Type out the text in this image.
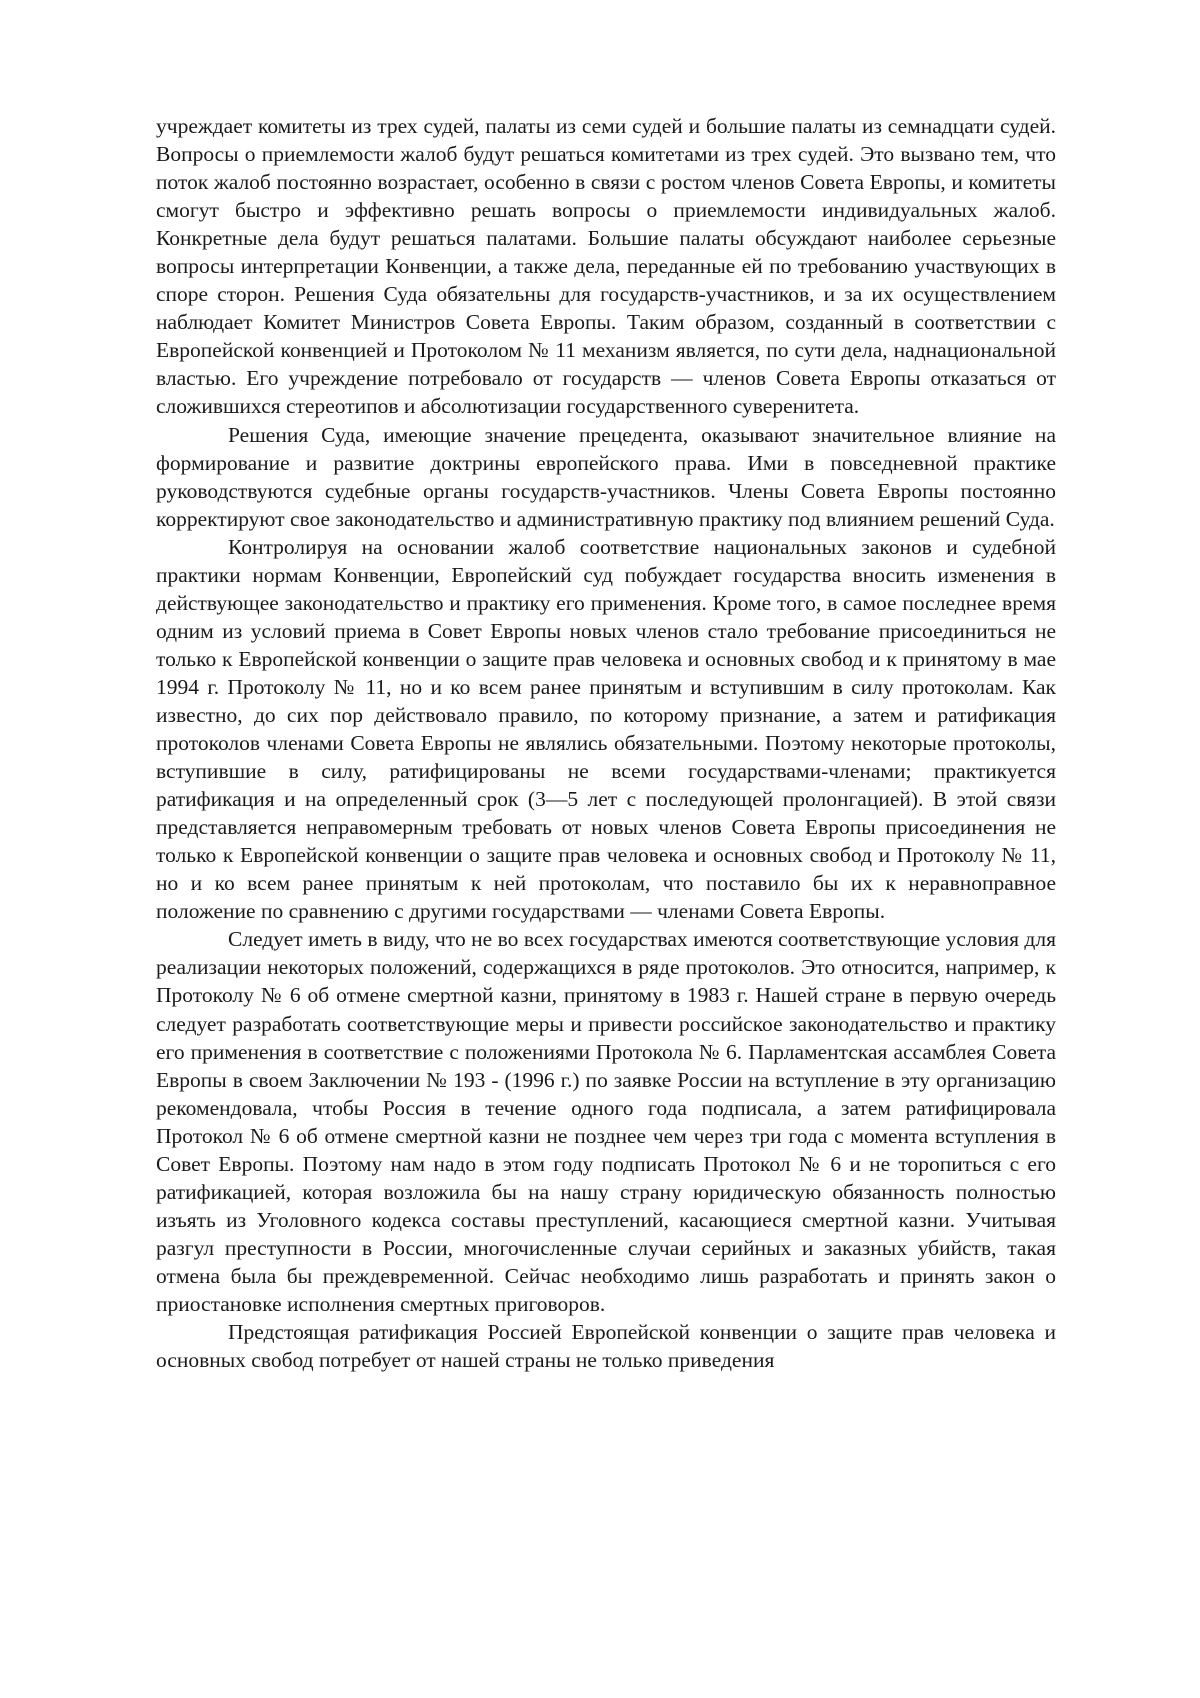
учреждает комитеты из трех судей, палаты из семи судей и большие палаты из семнадцати судей. Вопросы о приемлемости жалоб будут решаться комитетами из трех судей. Это вызвано тем, что поток жалоб постоянно возрастает, особенно в связи с ростом членов Совета Европы, и комитеты смогут быстро и эффективно решать вопросы о приемлемости индивидуальных жалоб. Конкретные дела будут решаться палатами. Большие палаты обсуждают наиболее серьезные вопросы интерпретации Конвенции, а также дела, переданные ей по требованию участвующих в споре сторон. Решения Суда обязательны для государств-участников, и за их осуществлением наблюдает Комитет Министров Совета Европы. Таким образом, созданный в соответствии с Европейской конвенцией и Протоколом № 11 механизм является, по сути дела, наднациональной властью. Его учреждение потребовало от государств — членов Совета Европы отказаться от сложившихся стереотипов и абсолютизации государственного суверенитета.

Решения Суда, имеющие значение прецедента, оказывают значительное влияние на формирование и развитие доктрины европейского права. Ими в повседневной практике руководствуются судебные органы государств-участников. Члены Совета Европы постоянно корректируют свое законодательство и административную практику под влиянием решений Суда.

Контролируя на основании жалоб соответствие национальных законов и судебной практики нормам Конвенции, Европейский суд побуждает государства вносить изменения в действующее законодательство и практику его применения. Кроме того, в самое последнее время одним из условий приема в Совет Европы новых членов стало требование присоединиться не только к Европейской конвенции о защите прав человека и основных свобод и к принятому в мае 1994 г. Протоколу № 11, но и ко всем ранее принятым и вступившим в силу протоколам. Как известно, до сих пор действовало правило, по которому признание, а затем и ратификация протоколов членами Совета Европы не являлись обязательными. Поэтому некоторые протоколы, вступившие в силу, ратифицированы не всеми государствами-членами; практикуется ратификация и на определенный срок (3—5 лет с последующей пролонгацией). В этой связи представляется неправомерным требовать от новых членов Совета Европы присоединения не только к Европейской конвенции о защите прав человека и основных свобод и Протоколу № 11, но и ко всем ранее принятым к ней протоколам, что поставило бы их к неравноправное положение по сравнению с другими государствами — членами Совета Европы.

Следует иметь в виду, что не во всех государствах имеются соответствующие условия для реализации некоторых положений, содержащихся в ряде протоколов. Это относится, например, к Протоколу № 6 об отмене смертной казни, принятому в 1983 г. Нашей стране в первую очередь следует разработать соответствующие меры и привести российское законодательство и практику его применения в соответствие с положениями Протокола № 6. Парламентская ассамблея Совета Европы в своем Заключении № 193 - (1996 г.) по заявке России на вступление в эту организацию рекомендовала, чтобы Россия в течение одного года подписала, а затем ратифицировала Протокол № 6 об отмене смертной казни не позднее чем через три года с момента вступления в Совет Европы. Поэтому нам надо в этом году подписать Протокол № 6 и не торопиться с его ратификацией, которая возложила бы на нашу страну юридическую обязанность полностью изъять из Уголовного кодекса составы преступлений, касающиеся смертной казни. Учитывая разгул преступности в России, многочисленные случаи серийных и заказных убийств, такая отмена была бы преждевременной. Сейчас необходимо лишь разработать и принять закон о приостановке исполнения смертных приговоров.

Предстоящая ратификация Россией Европейской конвенции о защите прав человека и основных свобод потребует от нашей страны не только приведения
